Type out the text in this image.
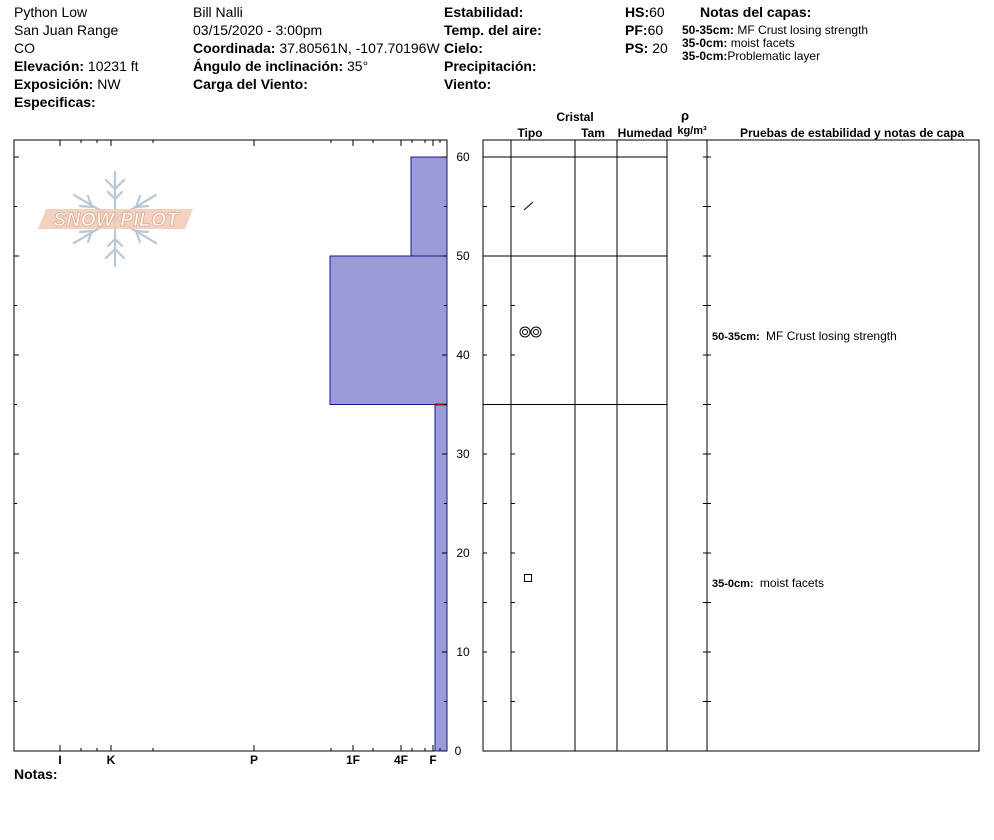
Python Low
San Juan Range
CO
Elevación: 10231 ft
Exposición: NW
Especificas:
Bill Nalli
03/15/2020 - 3:00pm
Coordinada: 37.80561N, -107.70196W
Ángulo de inclinación: 35°
Carga del Viento:
Estabilidad:
Temp. del aire:
Cielo:
Precipitación:
Viento:
HS:60
PF:60
PS: 20
Notas del capas:
50-35cm: MF Crust losing strength
35-0cm: moist facets
35-0cm:Problematic layer
Notas:
SNOW PILOT
0
10
20
30
40
50
60
I	K	P	1F	4F F
Cristal
Tipo	Tam Humedad
ρ
kg/m³	Pruebas de estabilidad y notas de capa
50-35cm: MF Crust losing strength
35-0cm: moist facets
